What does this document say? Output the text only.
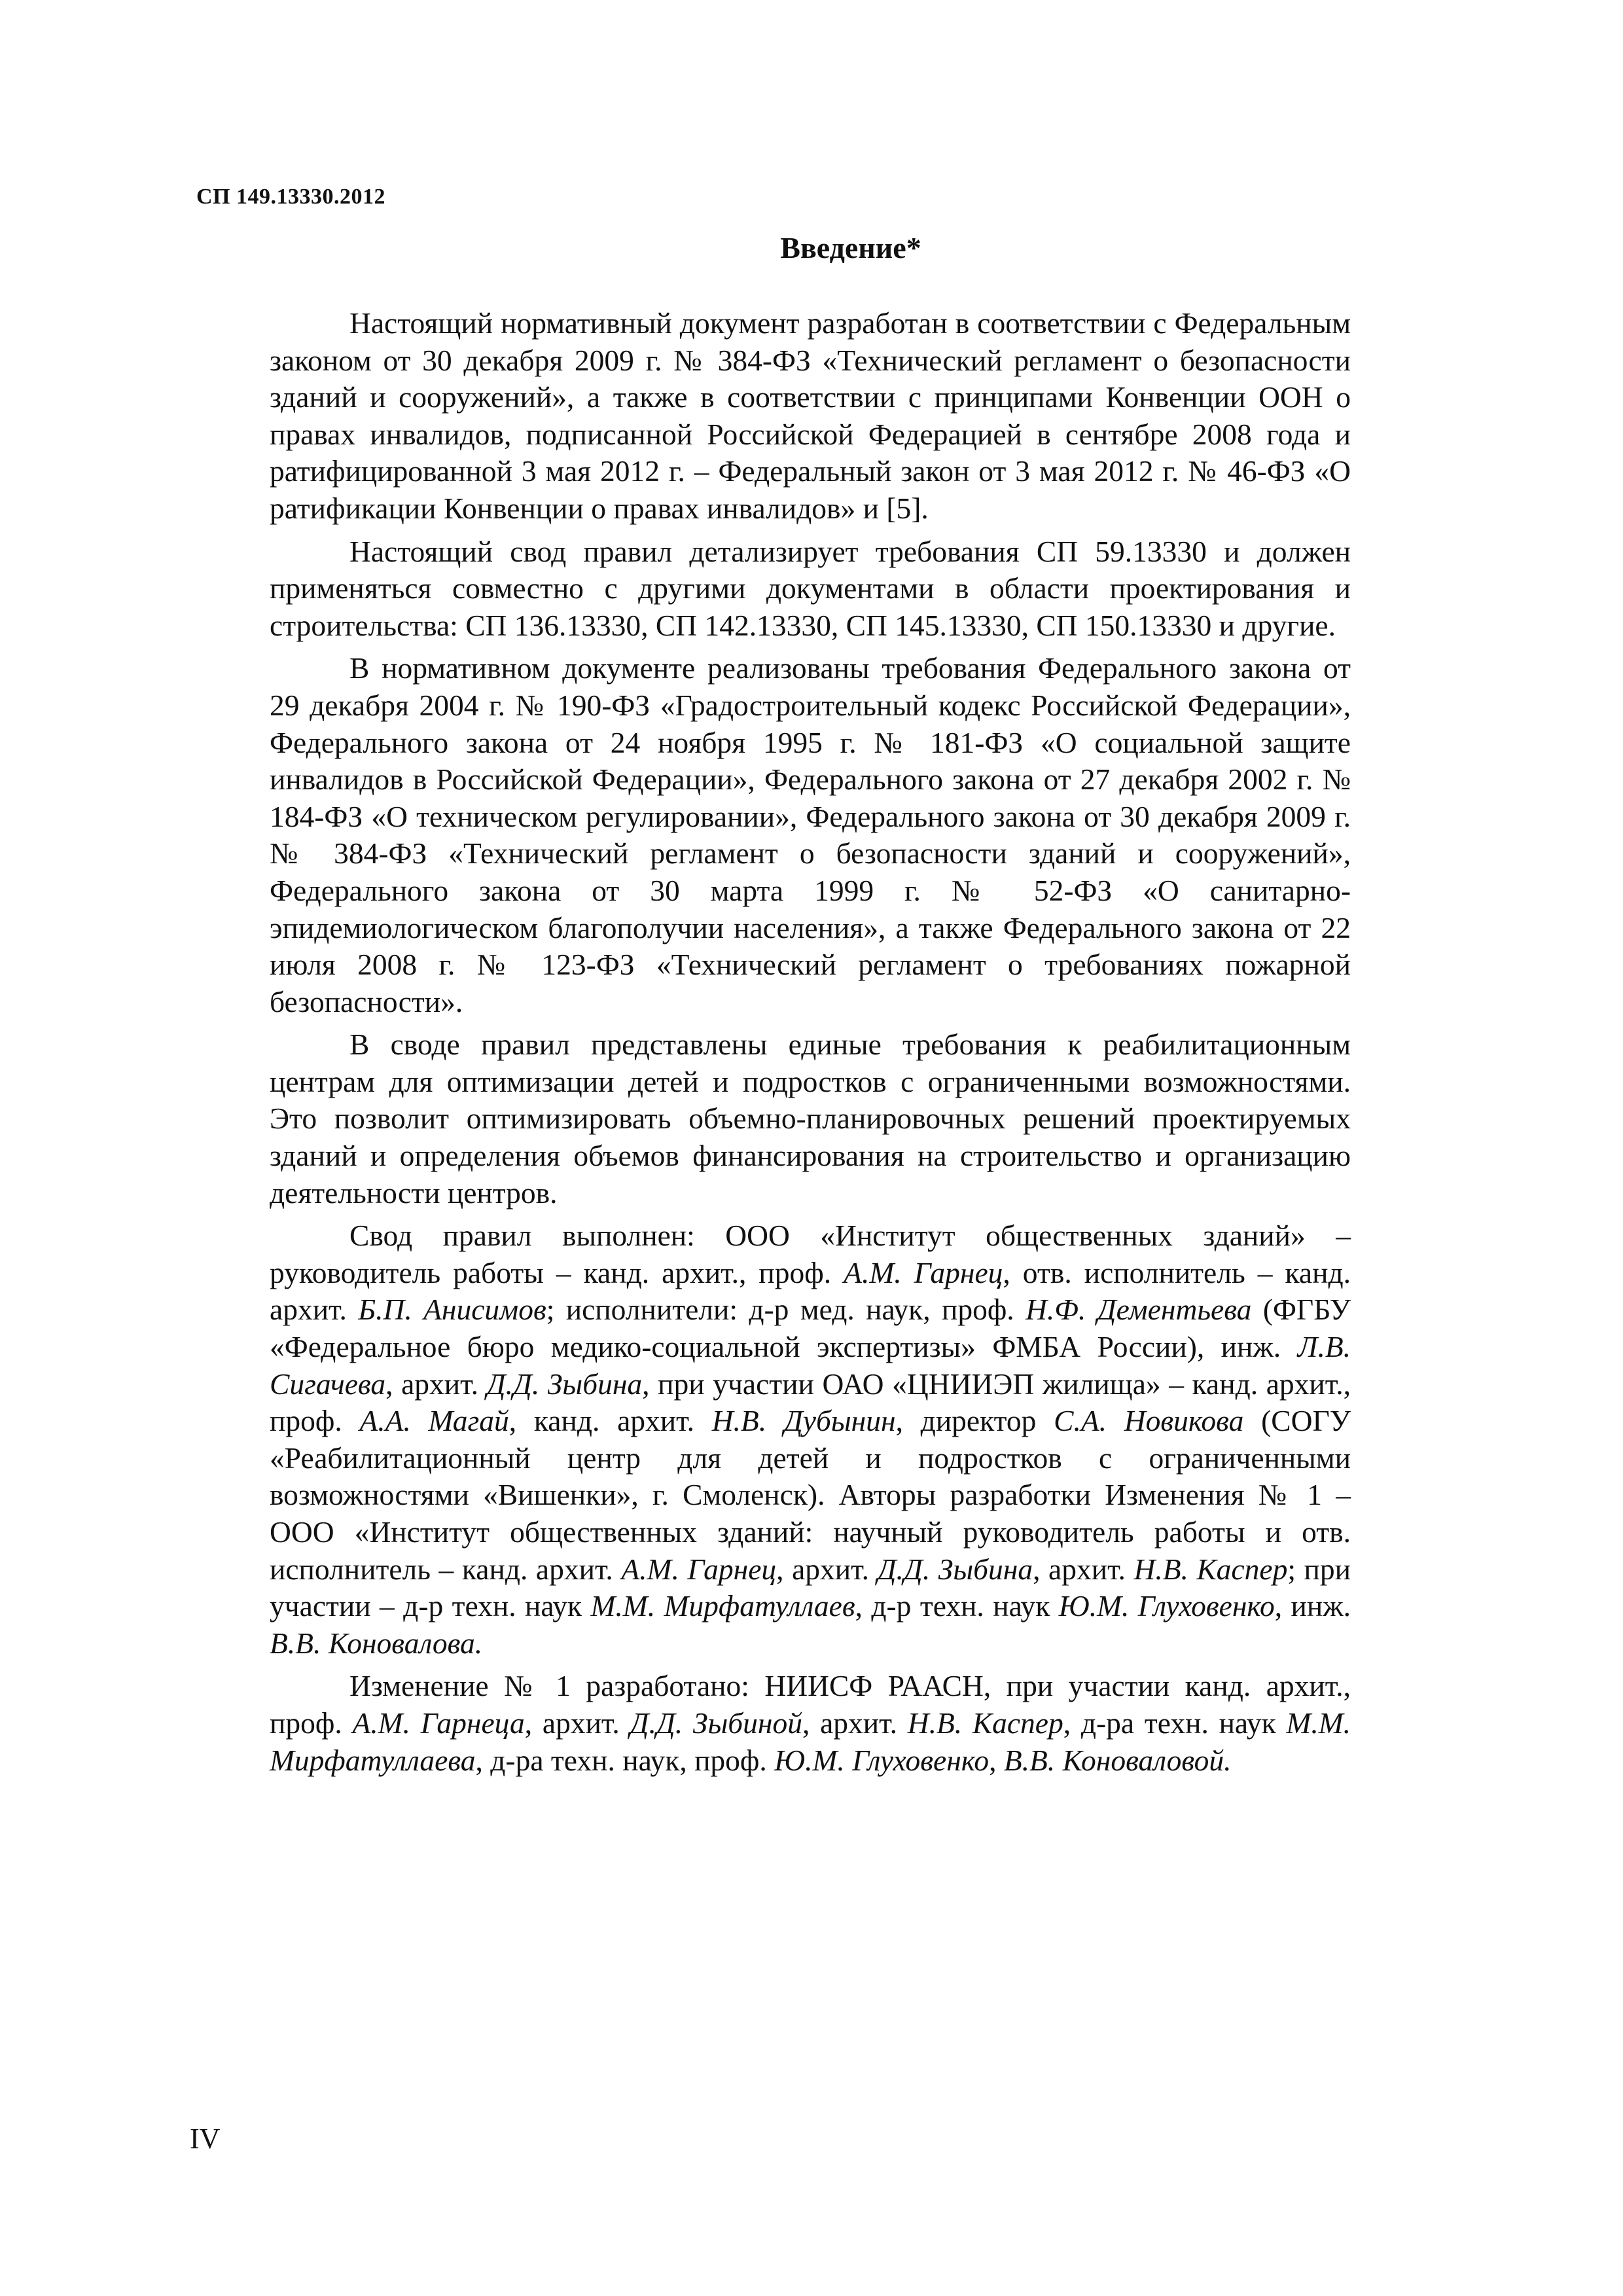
СП 149.13330.2012
Введение*

Настоящий нормативный документ разработан в соответствии с Федеральным законом от 30 декабря 2009 г. № 384-ФЗ «Технический регламент о безопасности зданий и сооружений», а также в соответствии с принципами Конвенции ООН о правах инвалидов, подписанной Российской Федерацией в сентябре 2008 года и ратифицированной 3 мая 2012 г. – Федеральный закон от 3 мая 2012 г. № 46-ФЗ «О ратификации Конвенции о правах инвалидов» и [5].

Настоящий свод правил детализирует требования СП 59.13330 и должен применяться совместно с другими документами в области проектирования и строительства: СП 136.13330, СП 142.13330, СП 145.13330, СП 150.13330 и другие.

В нормативном документе реализованы требования Федерального закона от 29 декабря 2004 г. № 190-ФЗ «Градостроительный кодекс Российской Федерации», Федерального закона от 24 ноября 1995 г. № 181-ФЗ «О социальной защите инвалидов в Российской Федерации», Федерального закона от 27 декабря 2002 г. № 184-ФЗ «О техническом регулировании», Федерального закона от 30 декабря 2009 г. № 384-ФЗ «Технический регламент о безопасности зданий и сооружений», Федерального закона от 30 марта 1999 г. № 52-ФЗ «О санитарно-эпидемиологическом благополучии населения», а также Федерального закона от 22 июля 2008 г. № 123-ФЗ «Технический регламент о требованиях пожарной безопасности».

В своде правил представлены единые требования к реабилитационным центрам для оптимизации детей и подростков с ограниченными возможностями. Это позволит оптимизировать объемно-планировочных решений проектируемых зданий и определения объемов финансирования на строительство и организацию деятельности центров.

Свод правил выполнен: ООО «Институт общественных зданий» – руководитель работы – канд. архит., проф. А.М. Гарнец, отв. исполнитель – канд. архит. Б.П. Анисимов; исполнители: д-р мед. наук, проф. Н.Ф. Дементьева (ФГБУ «Федеральное бюро медико-социальной экспертизы» ФМБА России), инж. Л.В. Сигачева, архит. Д.Д. Зыбина, при участии ОАО «ЦНИИЭП жилища» – канд. архит., проф. А.А. Магай, канд. архит. Н.В. Дубынин, директор С.А. Новикова (СОГУ «Реабилитационный центр для детей и подростков с ограниченными возможностями «Вишенки», г. Смоленск). Авторы разработки Изменения № 1 – ООО «Институт общественных зданий: научный руководитель работы и отв. исполнитель – канд. архит. А.М. Гарнец, архит. Д.Д. Зыбина, архит. Н.В. Каспер; при участии – д-р техн. наук М.М. Мирфатуллаев, д-р техн. наук Ю.М. Глуховенко, инж. В.В. Коновалова.

Изменение № 1 разработано: НИИСФ РААСН, при участии канд. архит., проф. А.М. Гарнеца, архит. Д.Д. Зыбиной, архит. Н.В. Каспер, д-ра техн. наук М.М. Мирфатуллаева, д-ра техн. наук, проф. Ю.М. Глуховенко, В.В. Коноваловой.

IV
